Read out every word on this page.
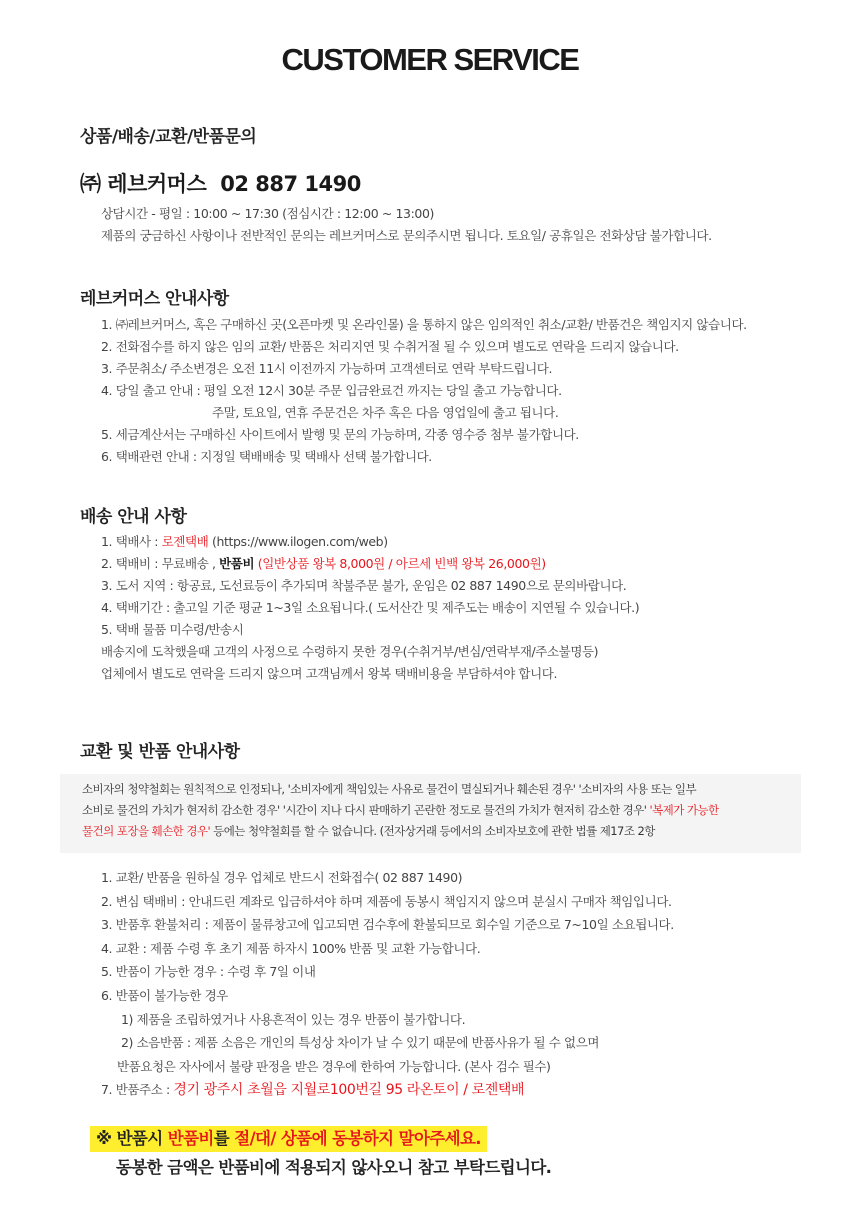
CUSTOMER SERVICE
상품/배송/교환/반품문의
㈜ 레브커머스 02 887 1490
상담시간 - 평일 : 10:00 ~ 17:30 (점심시간 : 12:00 ~ 13:00)
제품의 궁금하신 사항이나 전반적인 문의는 레브커머스로 문의주시면 됩니다. 토요일/ 공휴일은 전화상담 불가합니다.
레브커머스 안내사항
1. ㈜레브커머스, 혹은 구매하신 곳(오픈마켓 및 온라인몰) 을 통하지 않은 임의적인 취소/교환/ 반품건은 책임지지 않습니다.
2. 전화접수를 하지 않은 임의 교환/ 반품은 처리지연 및 수취거절 될 수 있으며 별도로 연락을 드리지 않습니다.
3. 주문취소/ 주소변경은 오전 11시 이전까지 가능하며 고객센터로 연락 부탁드립니다.
4. 당일 출고 안내 : 평일 오전 12시 30분 주문 입금완료건 까지는 당일 출고 가능합니다.
주말, 토요일, 연휴 주문건은 차주 혹은 다음 영업일에 출고 됩니다.
5. 세금계산서는 구매하신 사이트에서 발행 및 문의 가능하며, 각종 영수증 첨부 불가합니다.
6. 택배관련 안내 : 지정일 택배배송 및 택배사 선택 불가합니다.
배송 안내 사항
1. 택배사 : 로젠택배 (https://www.ilogen.com/web)
2. 택배비 : 무료배송 , 반품비 (일반상품 왕복 8,000원 / 아르세 빈백 왕복 26,000원)
3. 도서 지역 : 항공료, 도선료등이 추가되며 착불주문 불가, 운임은 02 887 1490으로 문의바랍니다.
4. 택배기간 : 출고일 기준 평균 1~3일 소요됩니다.( 도서산간 및 제주도는 배송이 지연될 수 있습니다.)
5. 택배 물품 미수령/반송시
배송지에 도착했을때 고객의 사정으로 수령하지 못한 경우(수취거부/변심/연락부재/주소불명등)
업체에서 별도로 연락을 드리지 않으며 고객님께서 왕복 택배비용을 부담하셔야 합니다.
교환 및 반품 안내사항
소비자의 청약철회는 원칙적으로 인정되나, '소비자에게 책임있는 사유로 물건이 멸실되거나 훼손된 경우' '소비자의 사용 또는 일부
소비로 물건의 가치가 현저히 감소한 경우' '시간이 지나 다시 판매하기 곤란한 정도로 물건의 가치가 현저히 감소한 경우' '복제가 가능한
물건의 포장을 훼손한 경우' 등에는 청약철회를 할 수 없습니다. (전자상거래 등에서의 소비자보호에 관한 법률 제17조 2항
1. 교환/ 반품을 원하실 경우 업체로 반드시 전화접수( 02 887 1490)
2. 변심 택배비 : 안내드린 계좌로 입금하셔야 하며 제품에 동봉시 책임지지 않으며 분실시 구매자 책임입니다.
3. 반품후 환불처리 : 제품이 물류창고에 입고되면 검수후에 환불되므로 회수일 기준으로 7~10일 소요됩니다.
4. 교환 : 제품 수령 후 초기 제품 하자시 100% 반품 및 교환 가능합니다.
5. 반품이 가능한 경우 : 수령 후 7일 이내
6. 반품이 불가능한 경우
1) 제품을 조립하였거나 사용흔적이 있는 경우 반품이 불가합니다.
2) 소음반품 : 제품 소음은 개인의 특성상 차이가 날 수 있기 때문에 반품사유가 될 수 없으며
반품요청은 자사에서 불량 판정을 받은 경우에 한하여 가능합니다. (본사 검수 필수)
7. 반품주소 : 경기 광주시 초월읍 지월로100번길 95 라온토이 / 로젠택배
※ 반품시 반품비를 절/대/ 상품에 동봉하지 말아주세요.
동봉한 금액은 반품비에 적용되지 않사오니 참고 부탁드립니다.
